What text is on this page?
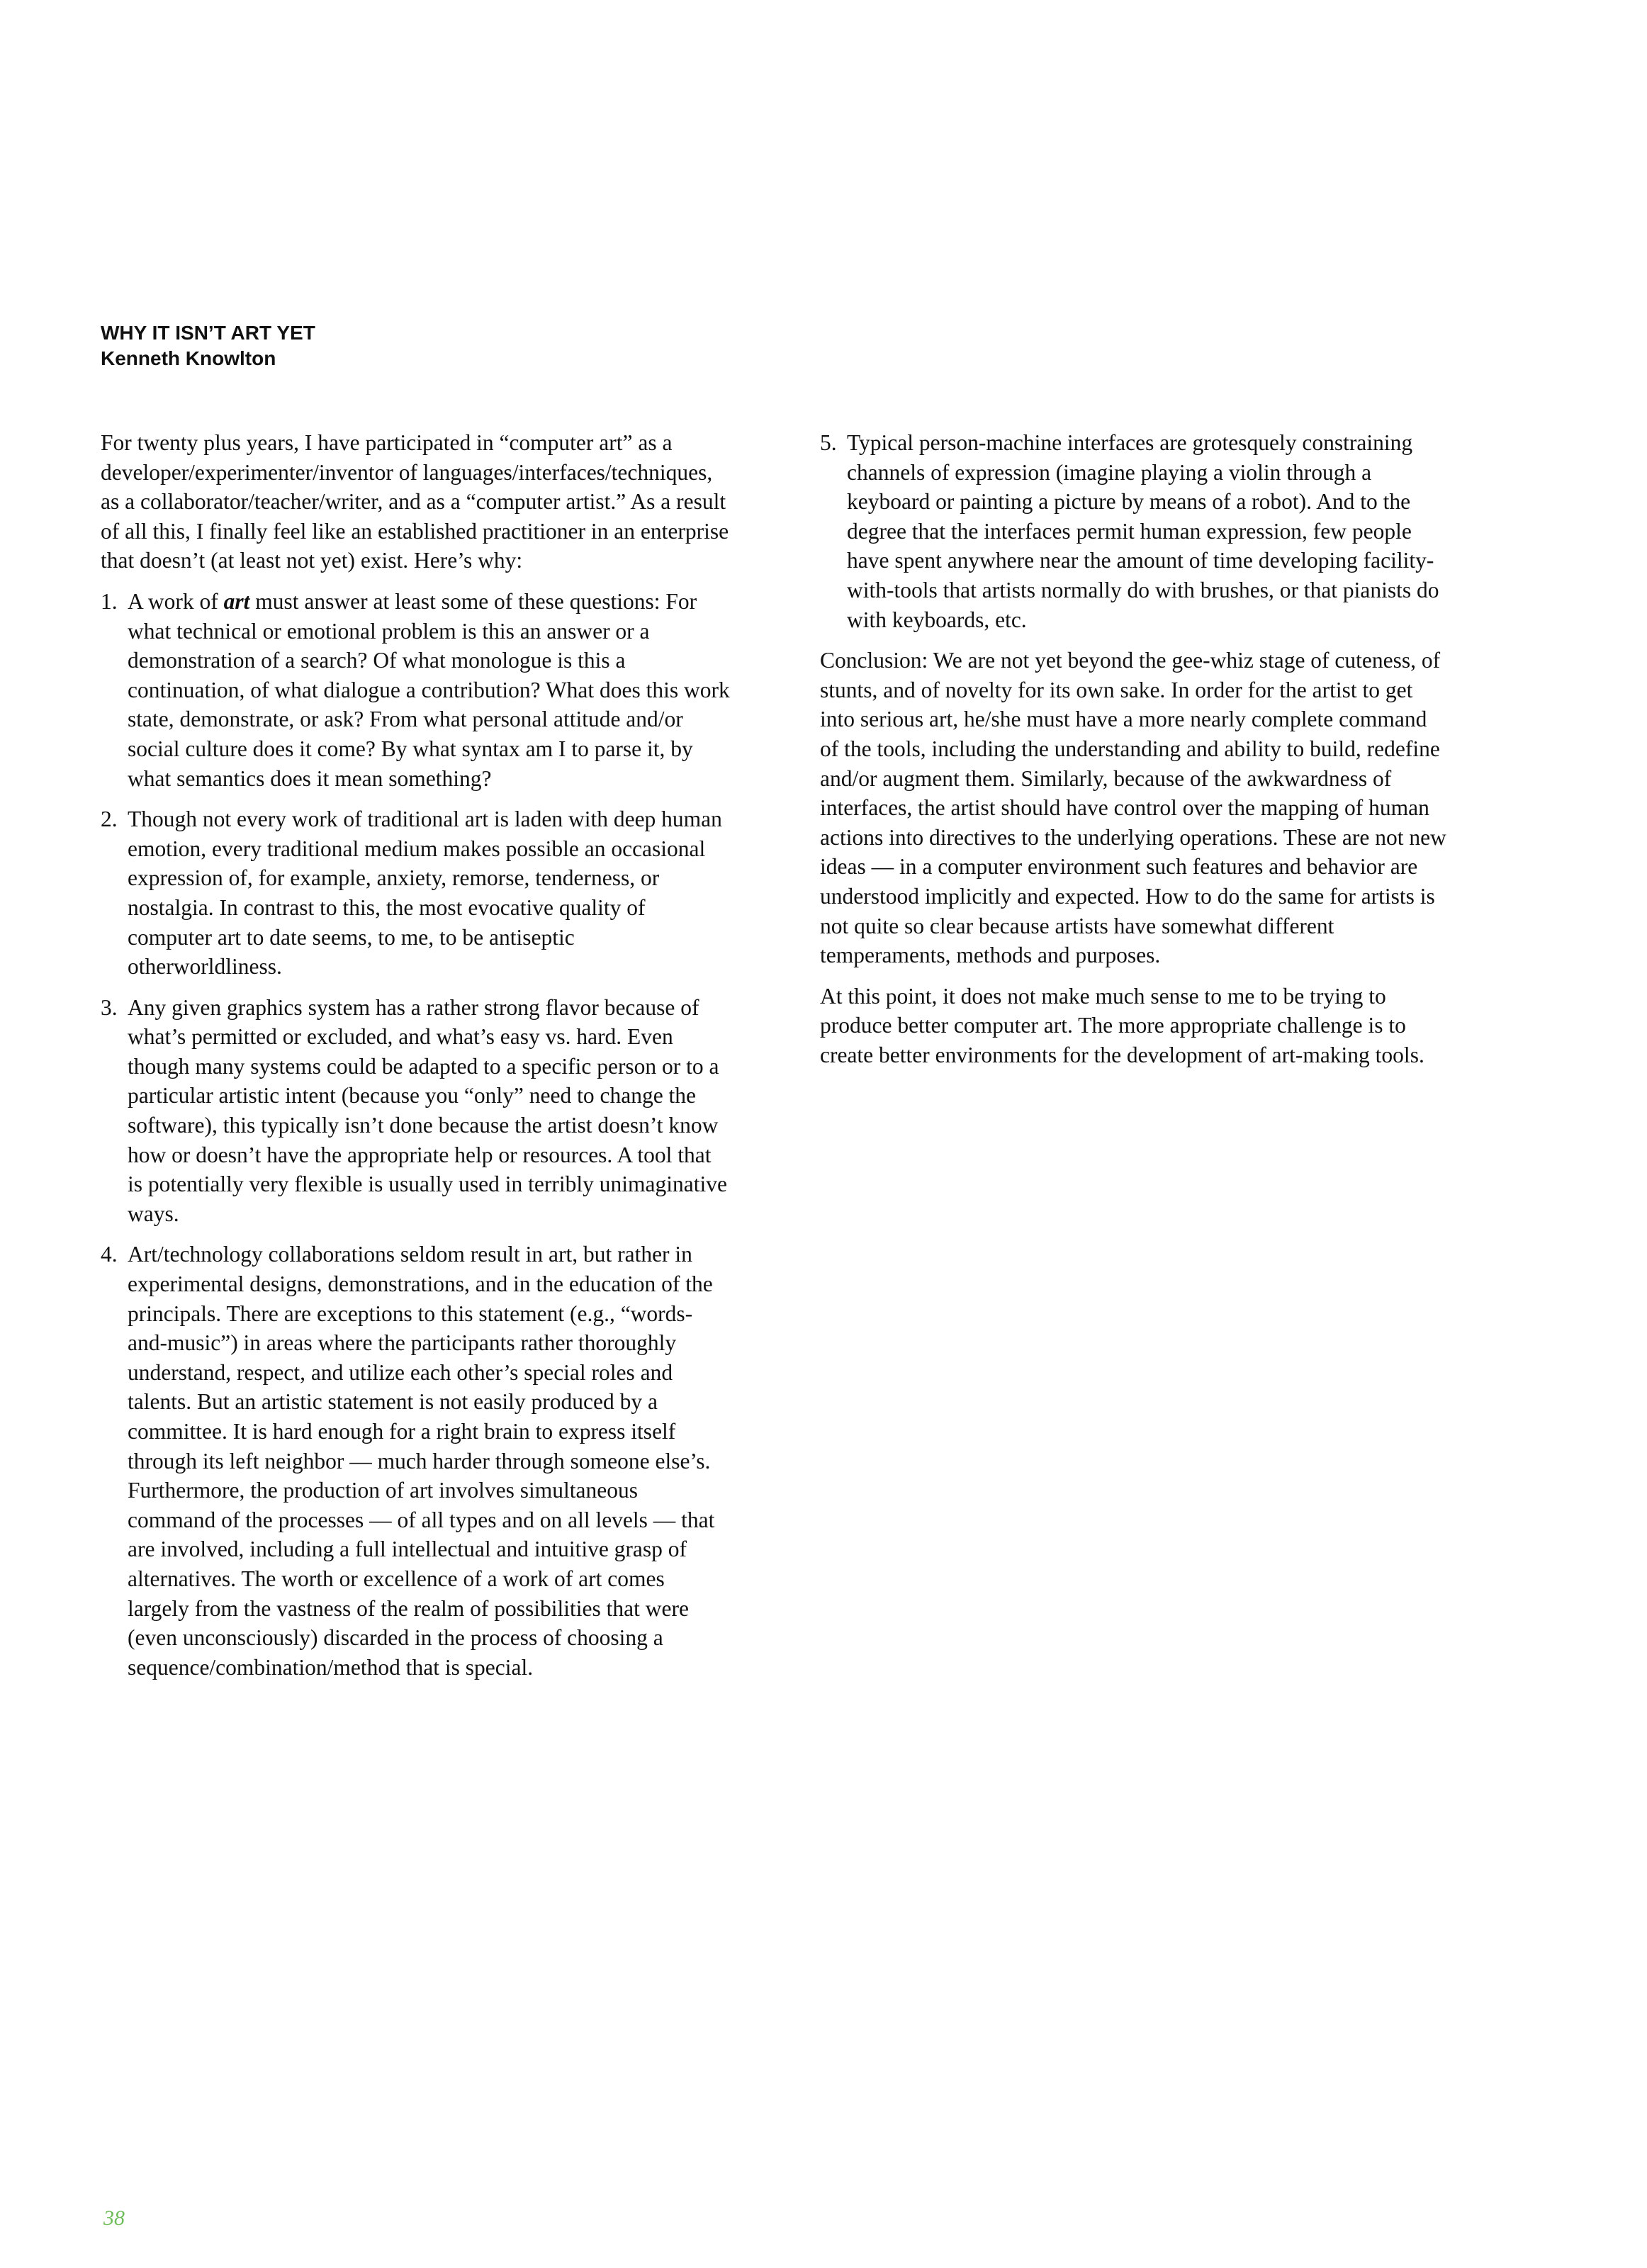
WHY IT ISN’T ART YET
Kenneth Knowlton

For twenty plus years, I have participated in “computer art” as a developer/experimenter/inventor of languages/interfaces/techniques, as a collaborator/teacher/writer, and as a “computer artist.” As a result of all this, I finally feel like an established practitioner in an enterprise that doesn’t (at least not yet) exist. Here’s why:

1. A work of art must answer at least some of these questions: For what technical or emotional problem is this an answer or a demonstration of a search? Of what monologue is this a continuation, of what dialogue a contribution? What does this work state, demonstrate, or ask? From what personal attitude and/or social culture does it come? By what syntax am I to parse it, by what semantics does it mean something?
2. Though not every work of traditional art is laden with deep human emotion, every traditional medium makes possible an occasional expression of, for example, anxiety, remorse, tenderness, or nostalgia. In contrast to this, the most evocative quality of computer art to date seems, to me, to be antiseptic otherworldliness.
3. Any given graphics system has a rather strong flavor because of what’s permitted or excluded, and what’s easy vs. hard. Even though many systems could be adapted to a specific person or to a particular artistic intent (because you “only” need to change the software), this typically isn’t done because the artist doesn’t know how or doesn’t have the appropriate help or resources. A tool that is potentially very flexible is usually used in terribly unimaginative ways.
4. Art/technology collaborations seldom result in art, but rather in experimental designs, demonstrations, and in the education of the principals. There are exceptions to this statement (e.g., “words-and-music”) in areas where the participants rather thoroughly understand, respect, and utilize each other’s special roles and talents. But an artistic statement is not easily produced by a committee. It is hard enough for a right brain to express itself through its left neighbor — much harder through someone else’s. Furthermore, the production of art involves simultaneous command of the processes — of all types and on all levels — that are involved, including a full intellectual and intuitive grasp of alternatives. The worth or excellence of a work of art comes largely from the vastness of the realm of possibilities that were (even unconsciously) discarded in the process of choosing a sequence/combination/method that is special.
5. Typical person-machine interfaces are grotesquely constraining channels of expression (imagine playing a violin through a keyboard or painting a picture by means of a robot). And to the degree that the interfaces permit human expression, few people have spent anywhere near the amount of time developing facility-with-tools that artists normally do with brushes, or that pianists do with keyboards, etc.

Conclusion: We are not yet beyond the gee-whiz stage of cuteness, of stunts, and of novelty for its own sake. In order for the artist to get into serious art, he/she must have a more nearly complete command of the tools, including the understanding and ability to build, redefine and/or augment them. Similarly, because of the awkwardness of interfaces, the artist should have control over the mapping of human actions into directives to the underlying operations. These are not new ideas — in a computer environment such features and behavior are understood implicitly and expected. How to do the same for artists is not quite so clear because artists have somewhat different temperaments, methods and purposes.

At this point, it does not make much sense to me to be trying to produce better computer art. The more appropriate challenge is to create better environments for the development of art-making tools.

38
